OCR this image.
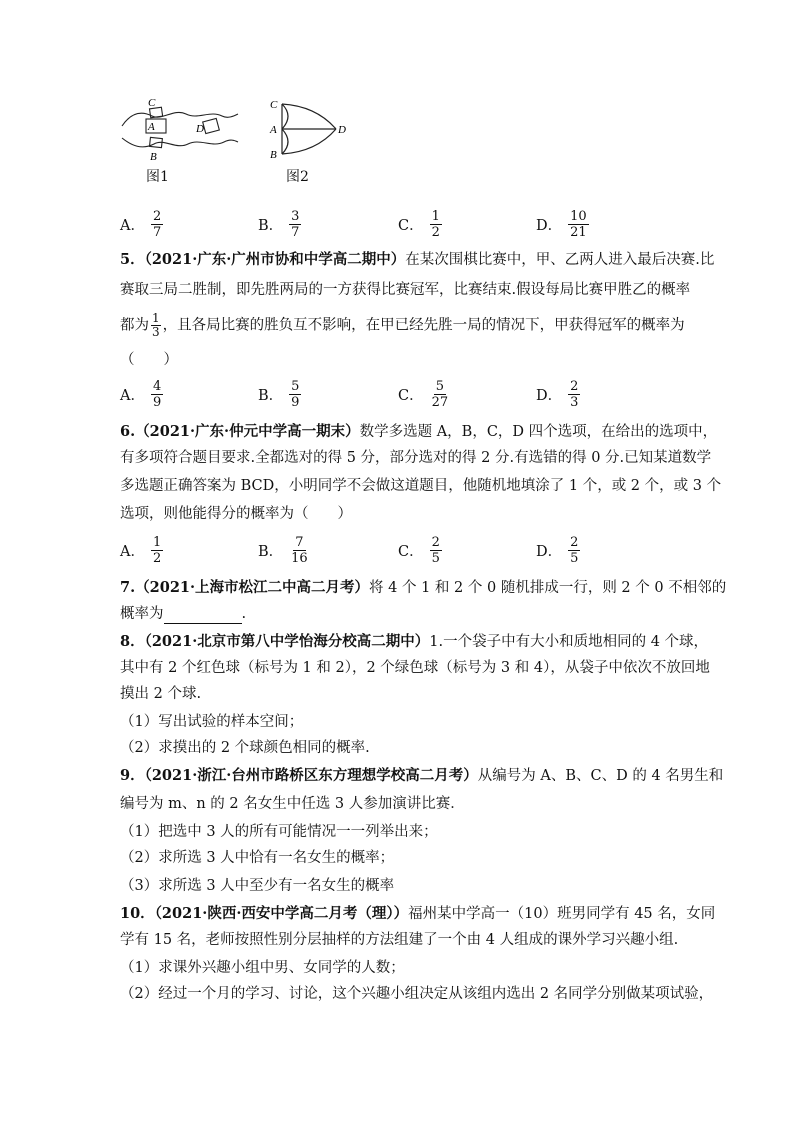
C
A	D
B
图1
C
A
B
D
图2
A． $\frac{2}{7}$	B． $\frac{3}{7}$	C． $\frac{1}{2}$	D． $\frac{10}{21}$
5．（2021·广东·广州市协和中学高二期中）在某次围棋比赛中，甲、乙两人进入最后决赛.比
赛取三局二胜制，即先胜两局的一方获得比赛冠军，比赛结束.假设每局比赛甲胜乙的概率
都为 $\frac{1}{3}$ ，且各局比赛的胜负互不影响，在甲已经先胜一局的情况下，甲获得冠军的概率为
（　　）
A． $\frac{4}{9}$	B． $\frac{5}{9}$	C． $\frac{5}{27}$	D． $\frac{2}{3}$
6.（2021·广东·仲元中学高一期末）数学多选题 A，B，C，D 四个选项，在给出的选项中，
有多项符合题目要求.全都选对的得 5 分，部分选对的得 2 分.有选错的得 0 分.已知某道数学
多选题正确答案为 BCD，小明同学不会做这道题目，他随机地填涂了 1 个，或 2 个，或 3 个
选项，则他能得分的概率为（　　）
A． $\frac{1}{2}$	B． $\frac{7}{16}$	C． $\frac{2}{5}$	D． $\frac{2}{5}$
7.（2021·上海市松江二中高二月考）将 4 个 1 和 2 个 0 随机排成一行，则 2 个 0 不相邻的
概率为	.
8．（2021·北京市第八中学怡海分校高二期中）1.一个袋子中有大小和质地相同的 4 个球，
其中有 2 个红色球（标号为 1 和 2），2 个绿色球（标号为 3 和 4），从袋子中依次不放回地
摸出 2 个球.
（1）写出试验的样本空间；
（2）求摸出的 2 个球颜色相同的概率.
9．（2021·浙江·台州市路桥区东方理想学校高二月考）从编号为 A、B、C、D 的 4 名男生和
编号为 m、n 的 2 名女生中任选 3 人参加演讲比赛．
（1）把选中 3 人的所有可能情况一一列举出来；
（2）求所选 3 人中恰有一名女生的概率；
（3）求所选 3 人中至少有一名女生的概率
10．（2021·陕西·西安中学高二月考（理））福州某中学高一（10）班男同学有 45 名，女同
学有 15 名，老师按照性别分层抽样的方法组建了一个由 4 人组成的课外学习兴趣小组.
（1）求课外兴趣小组中男、女同学的人数；
（2）经过一个月的学习、讨论，这个兴趣小组决定从该组内选出 2 名同学分别做某项试验，
